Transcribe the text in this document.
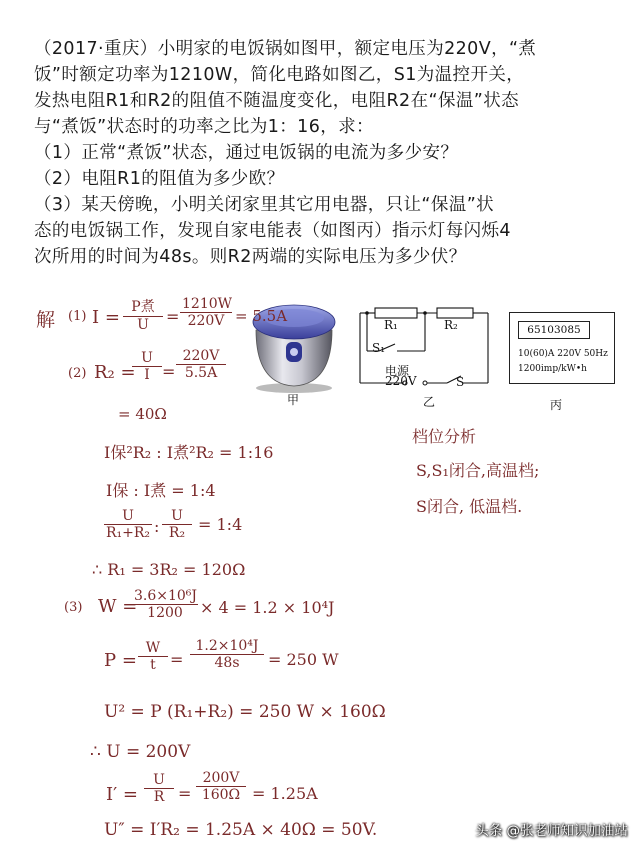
（2017·重庆）小明家的电饭锅如图甲，额定电压为220V，“煮
饭”时额定功率为1210W，简化电路如图乙，S1为温控开关，
发热电阻R1和R2的阻值不随温度变化，电阻R2在“保温”状态
与“煮饭”状态时的功率之比为1：16，求：
（1）正常“煮饭”状态，通过电饭锅的电流为多少安？
（2）电阻R1的阻值为多少欧？
（3）某天傍晚，小明关闭家里其它用电器，只让“保温”状
态的电饭锅工作，发现自家电能表（如图丙）指示灯每闪烁4
次所用的时间为48s。则R2两端的实际电压为多少伏？
甲
R₁	R₂
S₁
电源
220V	S
乙
65103085
10(60)A 220V 50Hz
1200imp/kW•h
丙
解 (1) I = P煮
U	= $\frac{1210W}{220V} = 5.5A$
(2) R₂ =
$\frac{U}{I} = \frac{220V}{5.5A}$
= 40Ω
I保²R₂ : I煮²R₂ = 1:16
I保 : I煮 = 1:4
$\frac{U}{\text{R₁+R₂}}$ : $\frac{U}{\text{R₂}}$ = 1:4
∴ R₁ = 3R₂ = 120Ω
(3) W =
$\frac{\text{3.6×10⁶J}}{1200} \times 4 = 1.2 \times 10^4J$
$P = \frac{W}{t} = \frac{\text{1.2×10⁴J}}{48s} = 250$ W
U² = P (R₁+R₂) = 250 W × 160Ω
∴ U = 200V
$I' = \frac{U}{R} = \frac{200V}{160\Omega} = 1.25A$
U″ = I′R₂ = 1.25A × 40Ω = 50V.
档位分析
S,S₁闭合,高温档;
S闭合, 低温档.
头条 @张老师知识加油站
